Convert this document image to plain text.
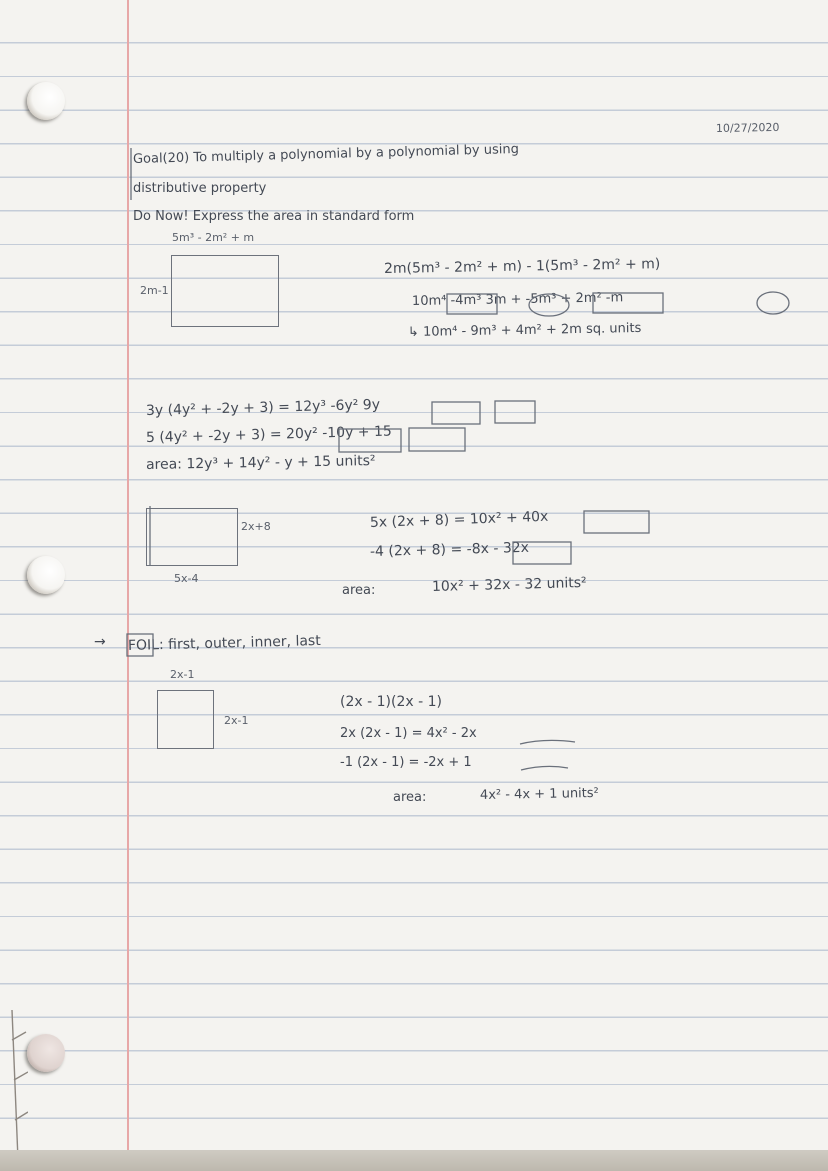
10/27/2020
Goal(20) To multiply a polynomial by a polynomial by using
distributive property
Do Now! Express the area in standard form
5m³ - 2m² + m
2m-1
2m(5m³ - 2m² + m) - 1(5m³ - 2m² + m)
10m⁴ -4m³ 3m + -5m³ + 2m² -m
↳ 10m⁴ - 9m³ + 4m² + 2m sq. units
3y (4y² + -2y + 3) = 12y³ -6y² 9y
5 (4y² + -2y + 3) = 20y² -10y + 15
area: 12y³ + 14y² - y + 15 units²
2x+8
5x-4
5x (2x + 8) = 10x² + 40x
-4 (2x + 8) = -8x - 32x
area:	10x² + 32x - 32 units²
→ FOIL: first, outer, inner, last
2x-1
2x-1
(2x - 1)(2x - 1)
2x (2x - 1) = 4x² - 2x
-1 (2x - 1) = -2x + 1
area:	4x² - 4x + 1 units²
